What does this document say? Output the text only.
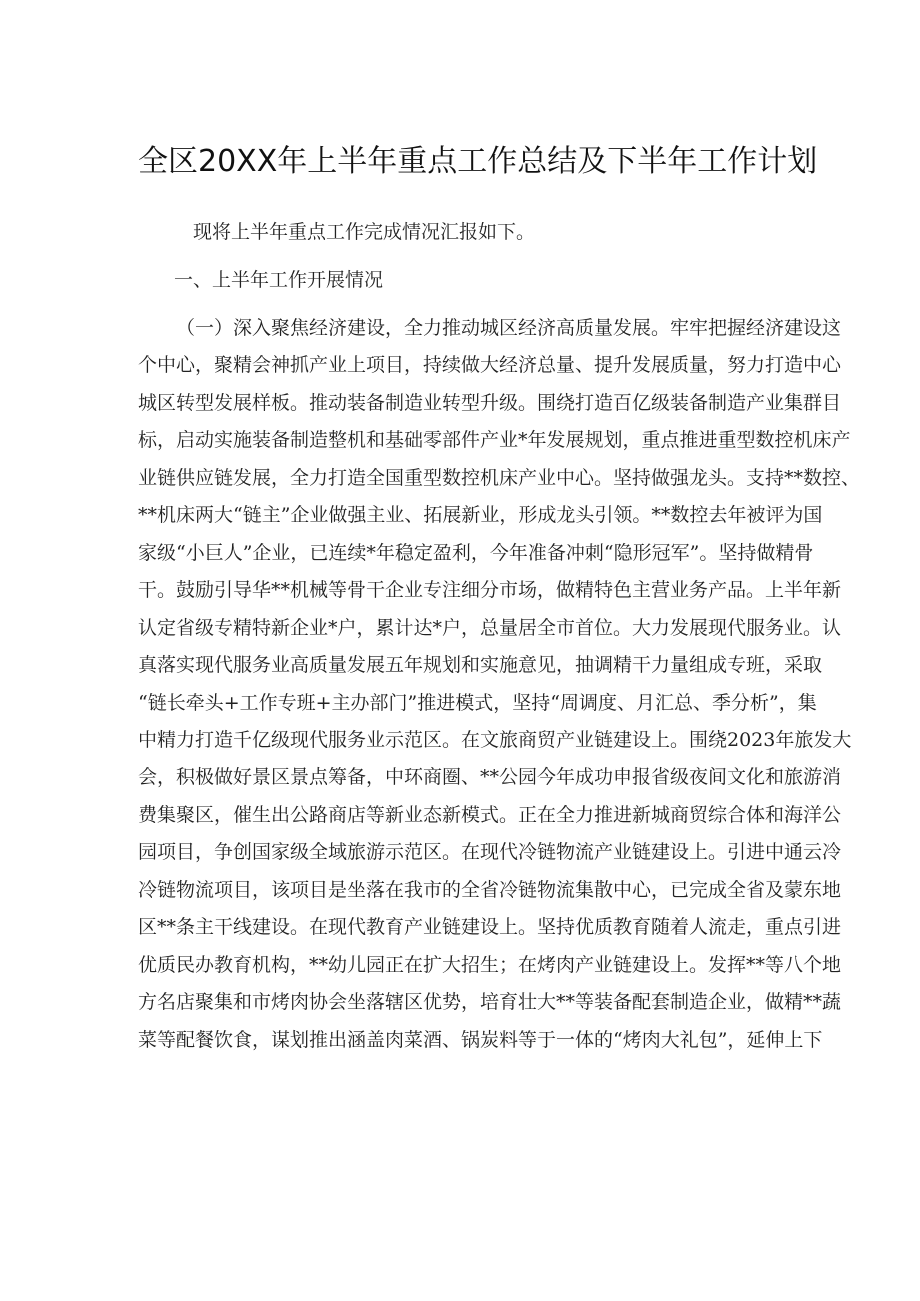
全区20XX年上半年重点工作总结及下半年工作计划
现将上半年重点工作完成情况汇报如下。
一、上半年工作开展情况
（一）深入聚焦经济建设，全力推动城区经济高质量发展。牢牢把握经济建设这
个中心，聚精会神抓产业上项目，持续做大经济总量、提升发展质量，努力打造中心
城区转型发展样板。推动装备制造业转型升级。围绕打造百亿级装备制造产业集群目
标，启动实施装备制造整机和基础零部件产业*年发展规划，重点推进重型数控机床产
业链供应链发展，全力打造全国重型数控机床产业中心。坚持做强龙头。支持**数控、
**机床两大“链主”企业做强主业、拓展新业，形成龙头引领。**数控去年被评为国
家级“小巨人”企业，已连续*年稳定盈利，今年准备冲刺“隐形冠军”。坚持做精骨
干。鼓励引导华**机械等骨干企业专注细分市场，做精特色主营业务产品。上半年新
认定省级专精特新企业*户，累计达*户，总量居全市首位。大力发展现代服务业。认
真落实现代服务业高质量发展五年规划和实施意见，抽调精干力量组成专班，采取
“链长牵头+工作专班+主办部门”推进模式，坚持“周调度、月汇总、季分析”，集
中精力打造千亿级现代服务业示范区。在文旅商贸产业链建设上。围绕2023年旅发大
会，积极做好景区景点筹备，中环商圈、**公园今年成功申报省级夜间文化和旅游消
费集聚区，催生出公路商店等新业态新模式。正在全力推进新城商贸综合体和海洋公
园项目，争创国家级全域旅游示范区。在现代冷链物流产业链建设上。引进中通云冷
冷链物流项目，该项目是坐落在我市的全省冷链物流集散中心，已完成全省及蒙东地
区**条主干线建设。在现代教育产业链建设上。坚持优质教育随着人流走，重点引进
优质民办教育机构，**幼儿园正在扩大招生；在烤肉产业链建设上。发挥**等八个地
方名店聚集和市烤肉协会坐落辖区优势，培育壮大**等装备配套制造企业，做精**蔬
菜等配餐饮食，谋划推出涵盖肉菜酒、锅炭料等于一体的“烤肉大礼包”，延伸上下
